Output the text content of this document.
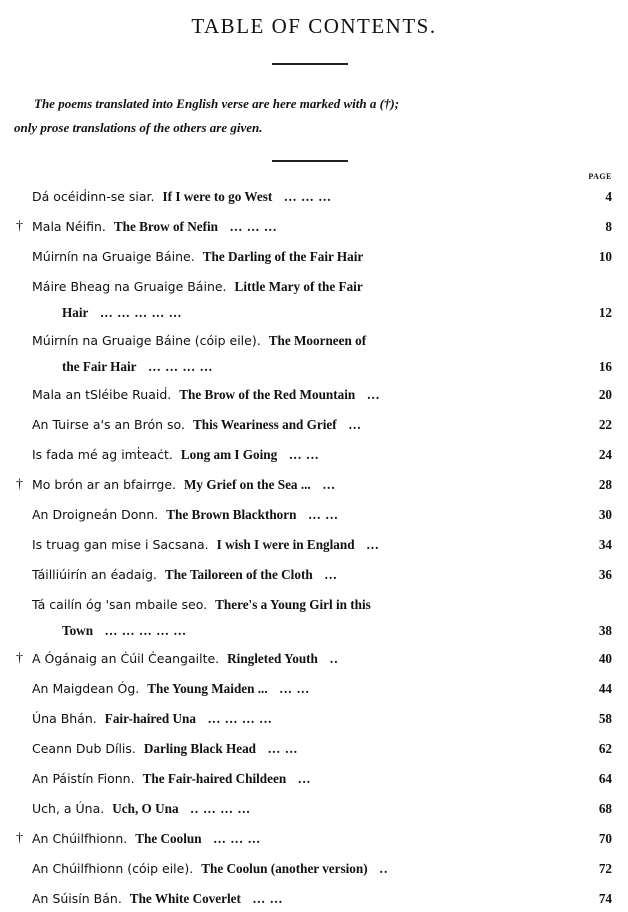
TABLE OF CONTENTS.
The poems translated into English verse are here marked with a (†);
only prose translations of the others are given.
PAGE
Dá océiḋinn-se siar. If I were to go West ... ... ...	4
† Mala Néifin. The Brow of Nefin ... ... ...	8
Múirnín na Gruaige Báine. The Darling of the Fair Hair	10
Máire Bheag na Gruaige Báine. Little Mary of the Fair
Hair ... ... ... ... ...	12
Múirnín na Gruaige Báine (cóip eile). The Moorneen of
the Fair Hair ... ... ... ...	16
Mala an tSléibe Ruaiḋ. The Brow of the Red Mountain ...	20
An Tuirse a's an Brón so. This Weariness and Grief ...	22
Is fada mé ag imṫeaċt. Long am I Going ... ...	24
† Mo brón ar an bfairrge. My Grief on the Sea ... ...	28
An Droigneán Donn. The Brown Blackthorn ... ...	30
Is truag gan mise i Sacsana. I wish I were in England ...	34
Táilliúirín an éadaig. The Tailoreen of the Cloth ...	36
Tá cailín óg 'san mbaile seo. There's a Young Girl in this
Town ... ... ... ... ...	38
† A Ógánaig an Ċúil Ċeangailte. Ringleted Youth ..	40
An Maigdean Óg. The Young Maiden ... ... ...	44
Úna Bhán. Fair-haired Una ... ... ... ...	58
Ceann Dub Dílis. Darling Black Head ... ...	62
An Páistín Fionn. The Fair-haired Childeen ...	64
Uch, a Úna. Uch, O Una .. ... ... ...	68
† An Chúilfhionn. The Coolun ... ... ...	70
An Chúilfhionn (cóip eile). The Coolun (another version) ..	72
An Súisín Bán. The White Coverlet ... ...	74
